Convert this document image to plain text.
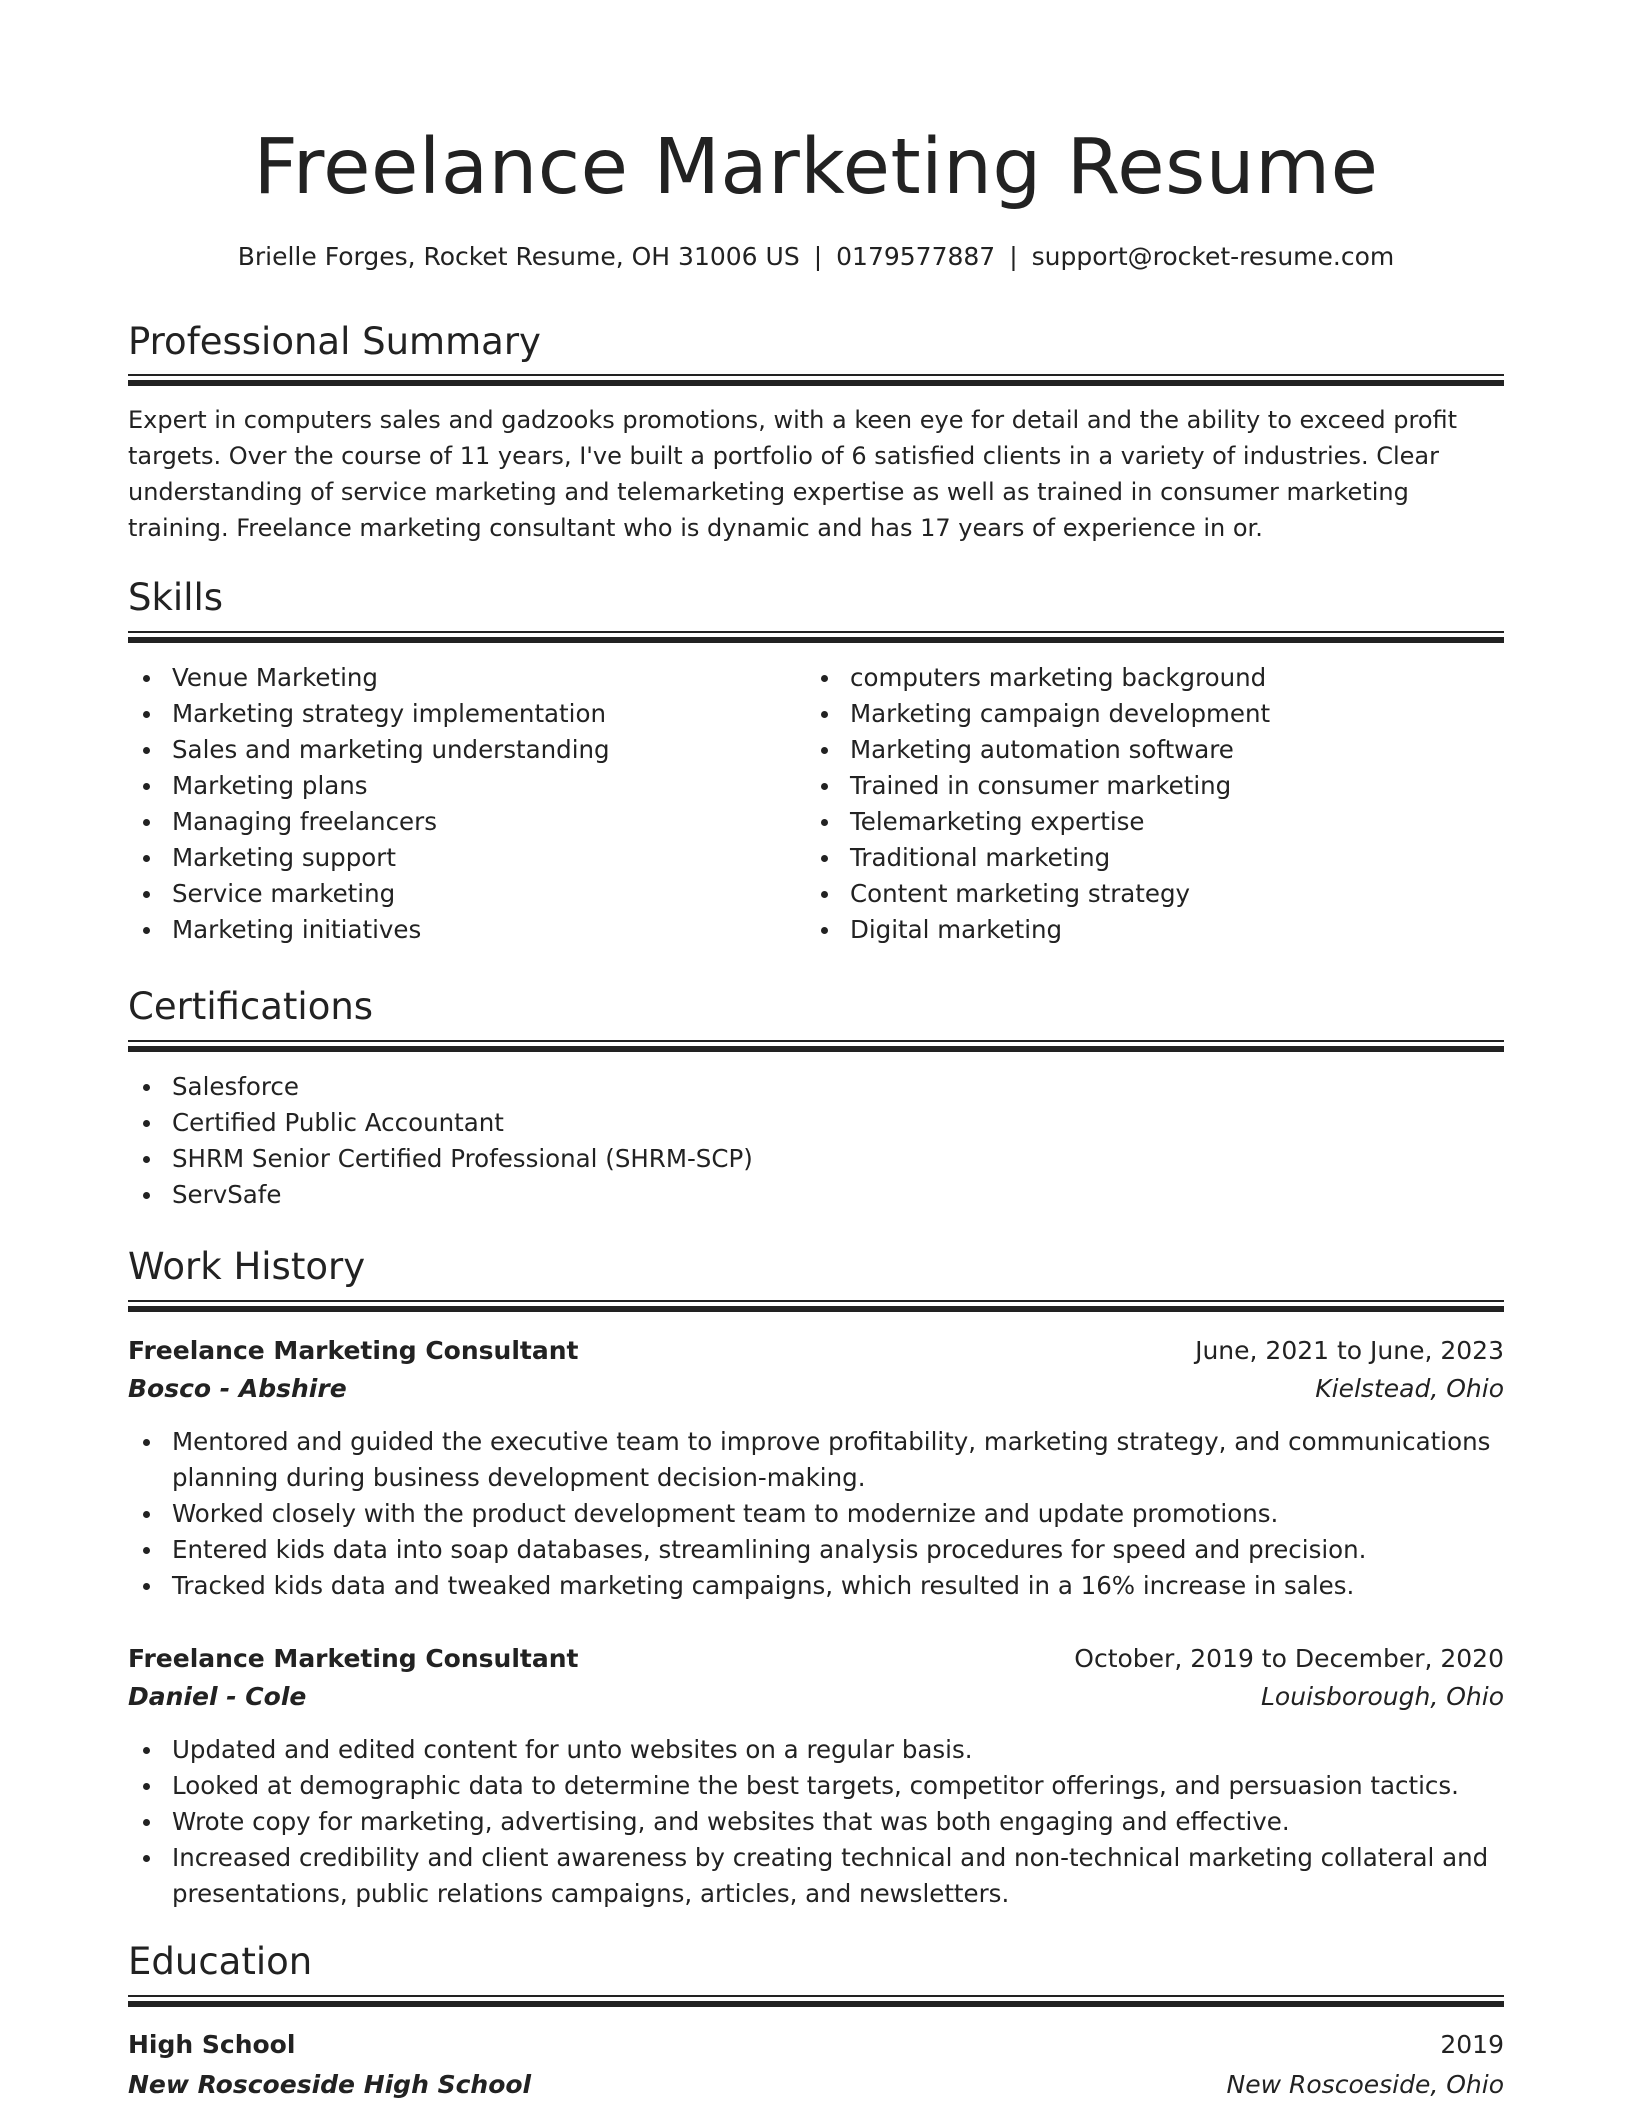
Freelance Marketing Resume
Brielle Forges, Rocket Resume, OH 31006 US | 0179577887 | support@rocket-resume.com
Professional Summary

Expert in computers sales and gadzooks promotions, with a keen eye for detail and the ability to exceed profit targets. Over the course of 11 years, I've built a portfolio of 6 satisfied clients in a variety of industries. Clear understanding of service marketing and telemarketing expertise as well as trained in consumer marketing training. Freelance marketing consultant who is dynamic and has 17 years of experience in or.

Skills
Venue Marketing
Marketing strategy implementation
Sales and marketing understanding
Marketing plans
Managing freelancers
Marketing support
Service marketing
Marketing initiatives
computers marketing background
Marketing campaign development
Marketing automation software
Trained in consumer marketing
Telemarketing expertise
Traditional marketing
Content marketing strategy
Digital marketing
Certifications
Salesforce
Certified Public Accountant
SHRM Senior Certified Professional (SHRM-SCP)
ServSafe
Work History
Freelance Marketing Consultant	June, 2021 to June, 2023
Bosco - Abshire	Kielstead, Ohio
Mentored and guided the executive team to improve profitability, marketing strategy, and communications planning during business development decision-making.
Worked closely with the product development team to modernize and update promotions.
Entered kids data into soap databases, streamlining analysis procedures for speed and precision.
Tracked kids data and tweaked marketing campaigns, which resulted in a 16% increase in sales.
Freelance Marketing Consultant	October, 2019 to December, 2020
Daniel - Cole	Louisborough, Ohio
Updated and edited content for unto websites on a regular basis.
Looked at demographic data to determine the best targets, competitor offerings, and persuasion tactics.
Wrote copy for marketing, advertising, and websites that was both engaging and effective.
Increased credibility and client awareness by creating technical and non-technical marketing collateral and presentations, public relations campaigns, articles, and newsletters.
Education
High School	2019
New Roscoeside High School	New Roscoeside, Ohio
